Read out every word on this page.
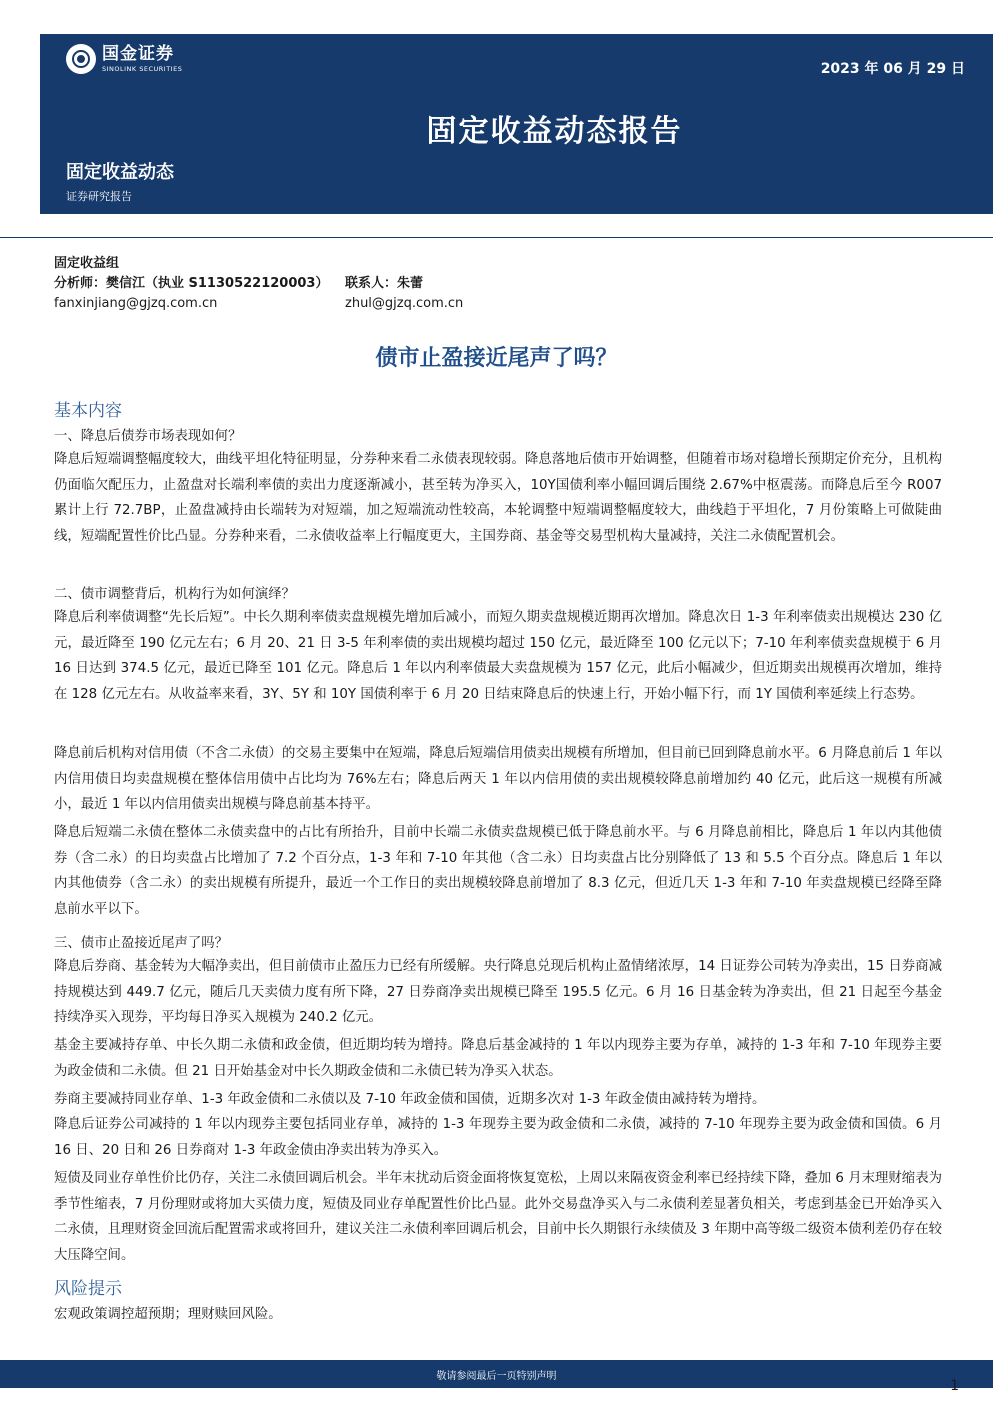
国金证券
SINOLINK SECURITIES	2023 年 06 月 29 日
固定收益动态报告
固定收益动态
证券研究报告
固定收益组
分析师：樊信江（执业 S1130522120003） 联系人：朱蕾
fanxinjiang@gjzq.com.cn	zhul@gjzq.com.cn
债市止盈接近尾声了吗？
基本内容
一、降息后债券市场表现如何？
降息后短端调整幅度较大，曲线平坦化特征明显，分券种来看二永债表现较弱。降息落地后债市开始调整，但随着市场对稳增长预期定价充分，且机构仍面临欠配压力，止盈盘对长端利率债的卖出力度逐渐减小，甚至转为净买入，10Y国债利率小幅回调后围绕 2.67%中枢震荡。而降息后至今 R007 累计上行 72.7BP，止盈盘减持由长端转为对短端，加之短端流动性较高，本轮调整中短端调整幅度较大，曲线趋于平坦化，7 月份策略上可做陡曲线，短端配置性价比凸显。分券种来看，二永债收益率上行幅度更大，主国券商、基金等交易型机构大量减持，关注二永债配置机会。
二、债市调整背后，机构行为如何演绎？
降息后利率债调整“先长后短”。中长久期利率债卖盘规模先增加后减小，而短久期卖盘规模近期再次增加。降息次日 1-3 年利率债卖出规模达 230 亿元，最近降至 190 亿元左右；6 月 20、21 日 3-5 年利率债的卖出规模均超过 150 亿元，最近降至 100 亿元以下；7-10 年利率债卖盘规模于 6 月 16 日达到 374.5 亿元，最近已降至 101 亿元。降息后 1 年以内利率债最大卖盘规模为 157 亿元，此后小幅减少，但近期卖出规模再次增加，维持在 128 亿元左右。从收益率来看，3Y、5Y 和 10Y 国债利率于 6 月 20 日结束降息后的快速上行，开始小幅下行，而 1Y 国债利率延续上行态势。
降息前后机构对信用债（不含二永债）的交易主要集中在短端，降息后短端信用债卖出规模有所增加，但目前已回到降息前水平。6 月降息前后 1 年以内信用债日均卖盘规模在整体信用债中占比均为 76%左右；降息后两天 1 年以内信用债的卖出规模较降息前增加约 40 亿元，此后这一规模有所减小，最近 1 年以内信用债卖出规模与降息前基本持平。
降息后短端二永债在整体二永债卖盘中的占比有所抬升，目前中长端二永债卖盘规模已低于降息前水平。与 6 月降息前相比，降息后 1 年以内其他债券（含二永）的日均卖盘占比增加了 7.2 个百分点，1-3 年和 7-10 年其他（含二永）日均卖盘占比分别降低了 13 和 5.5 个百分点。降息后 1 年以内其他债券（含二永）的卖出规模有所提升，最近一个工作日的卖出规模较降息前增加了 8.3 亿元，但近几天 1-3 年和 7-10 年卖盘规模已经降至降息前水平以下。
三、债市止盈接近尾声了吗？
降息后券商、基金转为大幅净卖出，但目前债市止盈压力已经有所缓解。央行降息兑现后机构止盈情绪浓厚，14 日证券公司转为净卖出，15 日券商减持规模达到 449.7 亿元，随后几天卖债力度有所下降，27 日券商净卖出规模已降至 195.5 亿元。6 月 16 日基金转为净卖出，但 21 日起至今基金持续净买入现券，平均每日净买入规模为 240.2 亿元。
基金主要减持存单、中长久期二永债和政金债，但近期均转为增持。降息后基金减持的 1 年以内现券主要为存单，减持的 1-3 年和 7-10 年现券主要为政金债和二永债。但 21 日开始基金对中长久期政金债和二永债已转为净买入状态。
券商主要减持同业存单、1-3 年政金债和二永债以及 7-10 年政金债和国债，近期多次对 1-3 年政金债由减持转为增持。
降息后证券公司减持的 1 年以内现券主要包括同业存单，减持的 1-3 年现券主要为政金债和二永债，减持的 7-10 年现券主要为政金债和国债。6 月 16 日、20 日和 26 日券商对 1-3 年政金债由净卖出转为净买入。
短债及同业存单性价比仍存，关注二永债回调后机会。半年末扰动后资金面将恢复宽松，上周以来隔夜资金利率已经持续下降，叠加 6 月末理财缩表为季节性缩表，7 月份理财或将加大买债力度，短债及同业存单配置性价比凸显。此外交易盘净买入与二永债利差显著负相关，考虑到基金已开始净买入二永债，且理财资金回流后配置需求或将回升，建议关注二永债利率回调后机会，目前中长久期银行永续债及 3 年期中高等级二级资本债利差仍存在较大压降空间。
风险提示
宏观政策调控超预期；理财赎回风险。
敬请参阅最后一页特别声明
1
